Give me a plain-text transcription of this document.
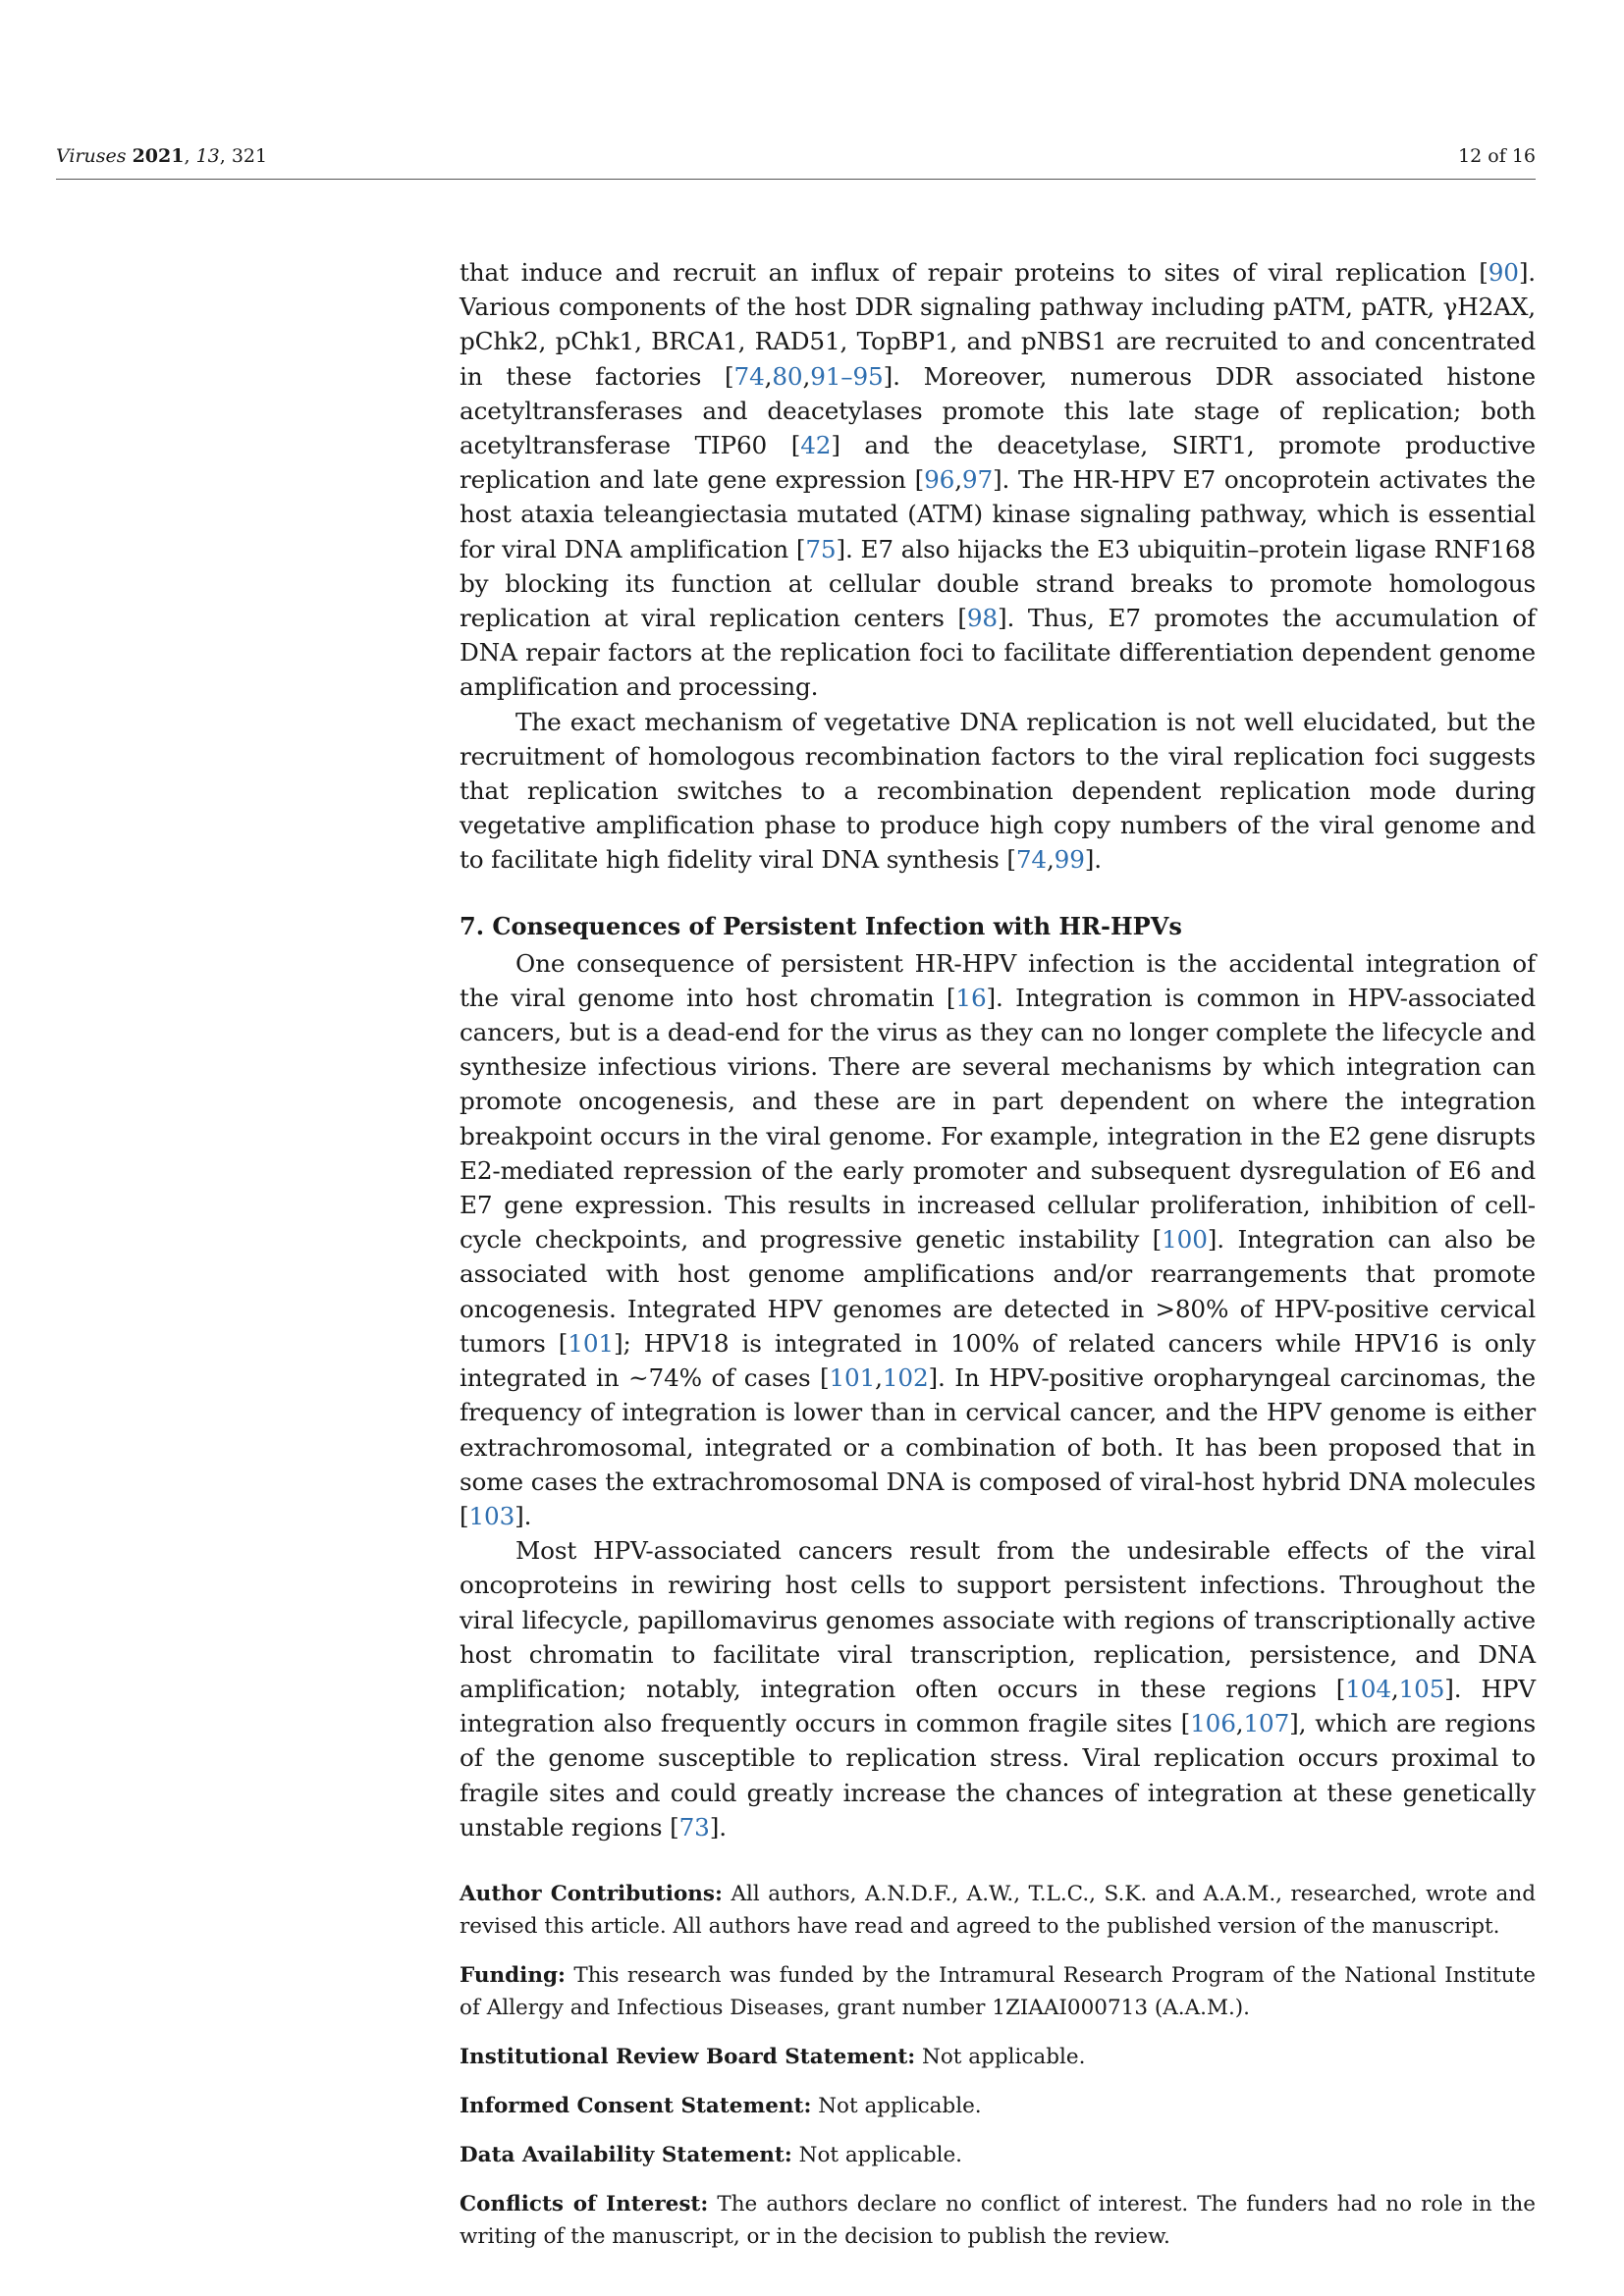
Viruses 2021, 13, 321	12 of 16

that induce and recruit an influx of repair proteins to sites of viral replication [90]. Various components of the host DDR signaling pathway including pATM, pATR, γH2AX, pChk2, pChk1, BRCA1, RAD51, TopBP1, and pNBS1 are recruited to and concentrated in these factories [74,80,91–95]. Moreover, numerous DDR associated histone acetyltransferases and deacetylases promote this late stage of replication; both acetyltransferase TIP60 [42] and the deacetylase, SIRT1, promote productive replication and late gene expression [96,97]. The HR-HPV E7 oncoprotein activates the host ataxia teleangiectasia mutated (ATM) kinase signaling pathway, which is essential for viral DNA amplification [75]. E7 also hijacks the E3 ubiquitin–protein ligase RNF168 by blocking its function at cellular double strand breaks to promote homologous replication at viral replication centers [98]. Thus, E7 promotes the accumulation of DNA repair factors at the replication foci to facilitate differentiation dependent genome amplification and processing.

The exact mechanism of vegetative DNA replication is not well elucidated, but the recruitment of homologous recombination factors to the viral replication foci suggests that replication switches to a recombination dependent replication mode during vegetative amplification phase to produce high copy numbers of the viral genome and to facilitate high fidelity viral DNA synthesis [74,99].

7. Consequences of Persistent Infection with HR-HPVs

One consequence of persistent HR-HPV infection is the accidental integration of the viral genome into host chromatin [16]. Integration is common in HPV-associated cancers, but is a dead-end for the virus as they can no longer complete the lifecycle and synthesize infectious virions. There are several mechanisms by which integration can promote oncogenesis, and these are in part dependent on where the integration breakpoint occurs in the viral genome. For example, integration in the E2 gene disrupts E2-mediated repression of the early promoter and subsequent dysregulation of E6 and E7 gene expression. This results in increased cellular proliferation, inhibition of cell-cycle checkpoints, and progressive genetic instability [100]. Integration can also be associated with host genome amplifications and/or rearrangements that promote oncogenesis. Integrated HPV genomes are detected in >80% of HPV-positive cervical tumors [101]; HPV18 is integrated in 100% of related cancers while HPV16 is only integrated in ~74% of cases [101,102]. In HPV-positive oropharyngeal carcinomas, the frequency of integration is lower than in cervical cancer, and the HPV genome is either extrachromosomal, integrated or a combination of both. It has been proposed that in some cases the extrachromosomal DNA is composed of viral-host hybrid DNA molecules [103].

Most HPV-associated cancers result from the undesirable effects of the viral oncoproteins in rewiring host cells to support persistent infections. Throughout the viral lifecycle, papillomavirus genomes associate with regions of transcriptionally active host chromatin to facilitate viral transcription, replication, persistence, and DNA amplification; notably, integration often occurs in these regions [104,105]. HPV integration also frequently occurs in common fragile sites [106,107], which are regions of the genome susceptible to replication stress. Viral replication occurs proximal to fragile sites and could greatly increase the chances of integration at these genetically unstable regions [73].

Author Contributions: All authors, A.N.D.F., A.W., T.L.C., S.K. and A.A.M., researched, wrote and revised this article. All authors have read and agreed to the published version of the manuscript.

Funding: This research was funded by the Intramural Research Program of the National Institute of Allergy and Infectious Diseases, grant number 1ZIAAI000713 (A.A.M.).

Institutional Review Board Statement: Not applicable.

Informed Consent Statement: Not applicable.

Data Availability Statement: Not applicable.

Conflicts of Interest: The authors declare no conflict of interest. The funders had no role in the writing of the manuscript, or in the decision to publish the review.
